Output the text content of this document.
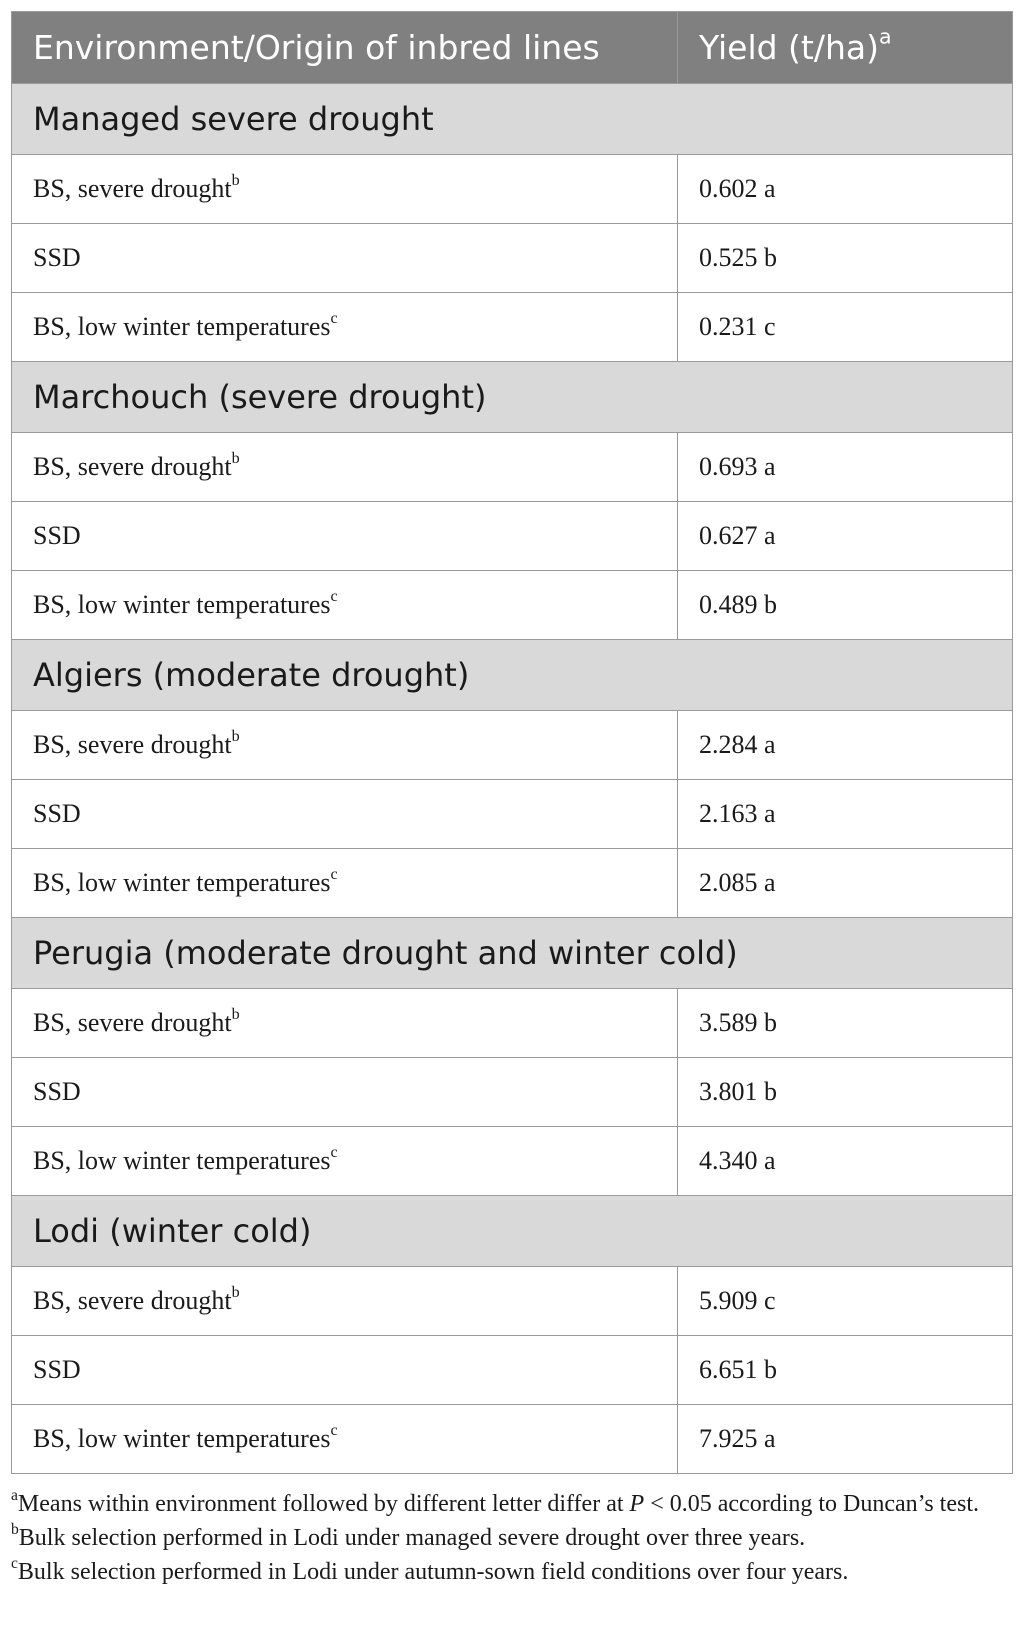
Environment/Origin of inbred lines	Yield $(t/ha)^a$
Managed severe drought	
BS, severe drought$^b$	0.602 a
SSD	0.525 b
BS, low winter temperatures$^c$	0.231 c
Marchouch (severe drought)	
BS, severe drought$^b$	0.693 a
SSD	0.627 a
BS, low winter temperatures$^c$	0.489 b
Algiers (moderate drought)	
BS, severe drought$^b$	2.284 a
SSD	2.163 a
BS, low winter temperatures$^c$	2.085 a
Perugia (moderate drought and winter cold)	
BS, severe drought$^b$	3.589 b
SSD	3.801 b
BS, low winter temperatures$^c$	4.340 a
Lodi (winter cold)	
BS, severe drought$^b$	5.909 c
SSD	6.651 b
BS, low winter temperatures$^c$	7.925 a

$^a$Means within environment followed by different letter differ at P < 0.05 according to Duncan’s test.

$^b$Bulk selection performed in Lodi under managed severe drought over three years.

$^c$Bulk selection performed in Lodi under autumn-sown field conditions over four years.
